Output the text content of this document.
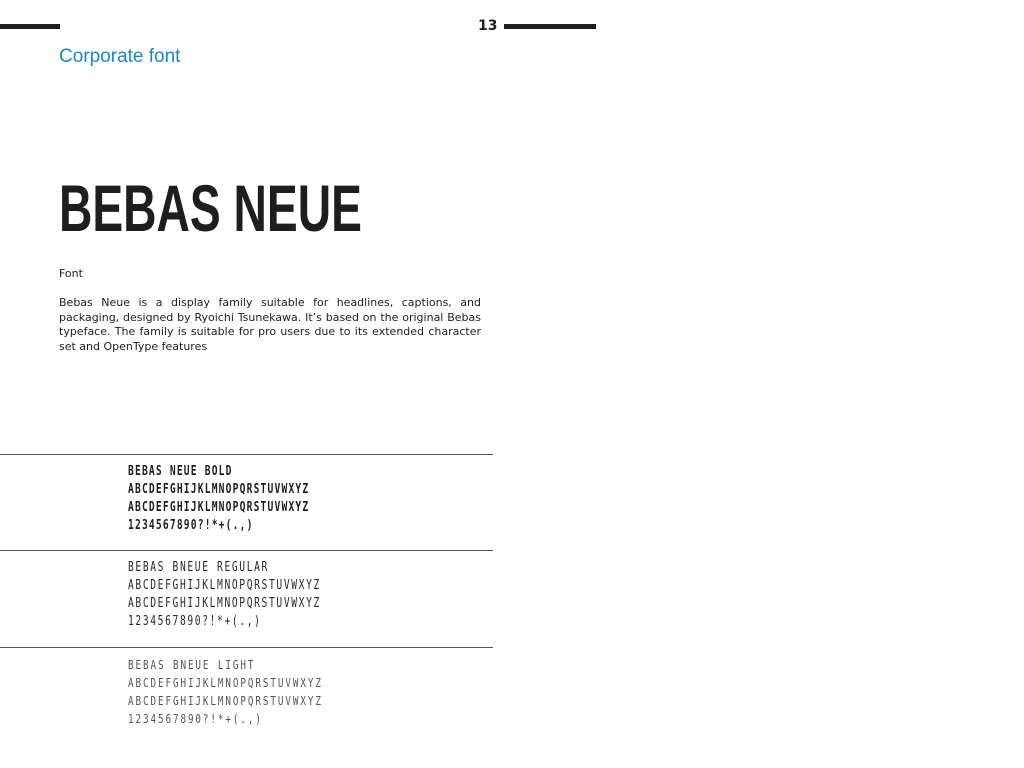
13
Corporate font
BEBAS NEUE
Font

Bebas Neue is a display family suitable for headlines, captions, and packaging, designed by Ryoichi Tsunekawa. It’s based on the original Bebas typeface. The family is suitable for pro users due to its extended character set and OpenType features

BEBAS NEUE BOLD
ABCDEFGHIJKLMNOPQRSTUVWXYZ
ABCDEFGHIJKLMNOPQRSTUVWXYZ
1234567890?!*+(.,)
BEBAS BNEUE REGULAR
ABCDEFGHIJKLMNOPQRSTUVWXYZ
ABCDEFGHIJKLMNOPQRSTUVWXYZ
1234567890?!*+(.,)
BEBAS BNEUE LIGHT
ABCDEFGHIJKLMNOPQRSTUVWXYZ
ABCDEFGHIJKLMNOPQRSTUVWXYZ
1234567890?!*+(.,)
